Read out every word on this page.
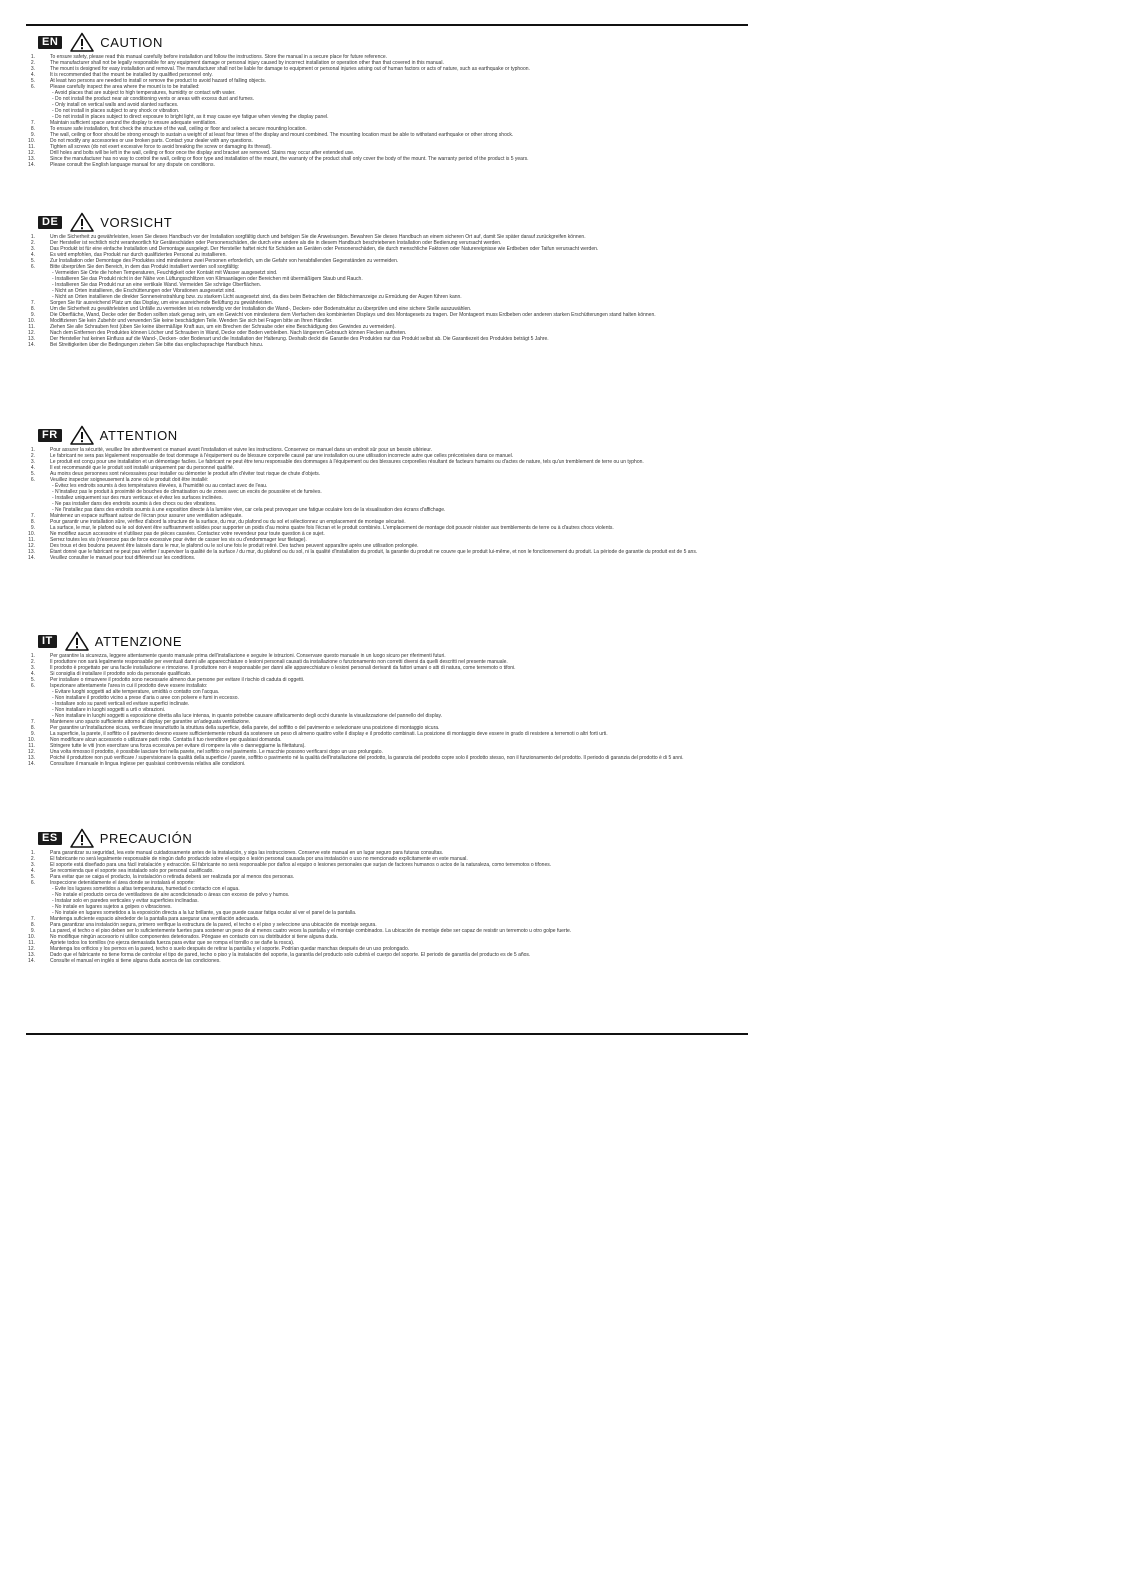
EN	CAUTION
1.	To ensure safety, please read this manual carefully before installation and follow the instructions. Store the manual in a secure place for future reference.
2.	The manufacturer shall not be legally responsible for any equipment damage or personal injury caused by incorrect installation or operation other than that covered in this manual.
3.	The mount is designed for easy installation and removal. The manufacturer shall not be liable for damage to equipment or personal injuries arising out of human factors or acts of nature, such as earthquake or typhoon.
4.	It is recommended that the mount be installed by qualified personnel only.
5.	At least two persons are needed to install or remove the product to avoid hazard of falling objects.
6.	Please carefully inspect the area where the mount is to be installed:
- Avoid places that are subject to high temperatures, humidity or contact with water.
- Do not install the product near air conditioning vents or areas with excess dust and fumes.
- Only install on vertical walls and avoid slanted surfaces.
- Do not install in places subject to any shock or vibration.
- Do not install in places subject to direct exposure to bright light, as it may cause eye fatigue when viewing the display panel.
7.	Maintain sufficient space around the display to ensure adequate ventilation.
8.	To ensure safe installation, first check the structure of the wall, ceiling or floor and select a secure mounting location.
9.	The wall, ceiling or floor should be strong enough to sustain a weight of at least four times of the display and mount combined. The mounting location must be able to withstand earthquake or other strong shock.
10.	Do not modify any accessories or use broken parts. Contact your dealer with any questions.
11.	Tighten all screws (do not exert excessive force to avoid breaking the screw or damaging its thread).
12.	Drill holes and bolts will be left in the wall, ceiling or floor once the display and bracket are removed. Stains may occur after extended use.
13.	Since the manufacturer has no way to control the wall, ceiling or floor type and installation of the mount, the warranty of the product shall only cover the body of the mount. The warranty period of the product is 5 years.
14.	Please consult the English language manual for any dispute on conditions.
DE	VORSICHT
1.	Um die Sicherheit zu gewährleisten, lesen Sie dieses Handbuch vor der Installation sorgfältig durch und befolgen Sie die Anweisungen. Bewahren Sie dieses Handbuch an einem sicheren Ort auf, damit Sie später darauf zurückgreifen können.
2.	Der Hersteller ist rechtlich nicht verantwortlich für Geräteschäden oder Personenschäden, die durch eine andere als die in diesem Handbuch beschriebenen Installation oder Bedienung verursacht werden.
3.	Das Produkt ist für eine einfache Installation und Demontage ausgelegt. Der Hersteller haftet nicht für Schäden an Geräten oder Personenschäden, die durch menschliche Faktoren oder Naturereignisse wie Erdbeben oder Taifun verursacht werden.
4.	Es wird empfohlen, das Produkt nur durch qualifiziertes Personal zu installieren.
5.	Zur Installation oder Demontage des Produktes sind mindestens zwei Personen erforderlich, um die Gefahr von herabfallenden Gegenständen zu vermeiden.
6.	Bitte überprüfen Sie den Bereich, in dem das Produkt installiert werden soll sorgfältig:
- Vermeiden Sie Orte die hohen Temperaturen, Feuchtigkeit oder Kontakt mit Wasser ausgesetzt sind.
- Installieren Sie das Produkt nicht in der Nähe von Lüftungsschlitzen von Klimaanlagen oder Bereichen mit übermäßigem Staub und Rauch.
- Installieren Sie das Produkt nur an eine vertikale Wand. Vermeiden Sie schräge Oberflächen.
- Nicht an Orten installieren, die Erschütterungen oder Vibrationen ausgesetzt sind.
- Nicht an Orten installieren die direkter Sonneneinstrahlung bzw. zu starkem Licht ausgesetzt sind, da dies beim Betrachten der Bildschirmanzeige zu Ermüdung der Augen führen kann.
7.	Sorgen Sie für ausreichend Platz um das Display, um eine ausreichende Belüftung zu gewährleisten.
8.	Um die Sicherheit zu gewährleisten und Unfälle zu vermeiden ist es notwendig vor der Installation die Wand-, Decken- oder Bodenstruktur zu überprüfen und eine sichere Stelle auszuwählen.
9.	Die Oberfläche, Wand, Decke oder der Boden sollten stark genug sein, um ein Gewicht von mindestens dem Vierfachen des kombinierten Displays und des Montagesets zu tragen. Der Montageort muss Erdbeben oder anderen starken Erschütterungen stand halten können.
10.	Modifizieren Sie kein Zubehör und verwenden Sie keine beschädigten Teile. Wenden Sie sich bei Fragen bitte an Ihren Händler.
11.	Ziehen Sie alle Schrauben fest (üben Sie keine übermäßige Kraft aus, um ein Brechen der Schraube oder eine Beschädigung des Gewindes zu vermeiden).
12.	Nach dem Entfernen des Produktes können Löcher und Schrauben in Wand, Decke oder Boden verbleiben. Nach längerem Gebrauch können Flecken auftreten.
13.	Der Hersteller hat keinen Einfluss auf die Wand-, Decken- oder Bodenart und die Installation der Halterung. Deshalb deckt die Garantie des Produktes nur das Produkt selbst ab. Die Garantiezeit des Produktes beträgt 5 Jahre.
14.	Bei Streitigkeiten über die Bedingungen ziehen Sie bitte das englischsprachige Handbuch hinzu.
FR	ATTENTION
1.	Pour assurer la sécurité, veuillez lire attentivement ce manuel avant l'installation et suivre les instructions. Conservez ce manuel dans un endroit sûr pour un besoin ultérieur.
2.	Le fabricant ne sera pas légalement responsable de tout dommage à l'équipement ou de blessure corporelle causé par une installation ou une utilisation incorrecte autre que celles préconisées dans ce manuel.
3.	Le produit est conçu pour une installation et un démontage faciles. Le fabricant ne peut être tenu responsable des dommages à l'équipement ou des blessures corporelles résultant de facteurs humains ou d'actes de nature, tels qu'un tremblement de terre ou un typhon.
4.	Il est recommandé que le produit soit installé uniquement par du personnel qualifié.
5.	Au moins deux personnes sont nécessaires pour installer ou démonter le produit afin d'éviter tout risque de chute d'objets.
6.	Veuillez inspecter soigneusement la zone où le produit doit être installé:
- Évitez les endroits soumis à des températures élevées, à l'humidité ou au contact avec de l'eau.
- N'installez pas le produit à proximité de bouches de climatisation ou de zones avec un excès de poussière et de fumées.
- Installez uniquement sur des murs verticaux et évitez les surfaces inclinées.
- Ne pas installer dans des endroits soumis à des chocs ou des vibrations.
- Ne l'installez pas dans des endroits soumis à une exposition directe à la lumière vive, car cela peut provoquer une fatigue oculaire lors de la visualisation des écrans d'affichage.
7.	Maintenez un espace suffisant autour de l'écran pour assurer une ventilation adéquate.
8.	Pour garantir une installation sûre, vérifiez d'abord la structure de la surface, du mur, du plafond ou du sol et sélectionnez un emplacement de montage sécurisé.
9.	La surface, le mur, le plafond ou le sol doivent être suffisamment solides pour supporter un poids d'au moins quatre fois l'écran et le produit combinés. L'emplacement de montage doit pouvoir résister aux tremblements de terre ou à d'autres chocs violents.
10.	Ne modifiez aucun accessoire et n'utilisez pas de pièces cassées. Contactez votre revendeur pour toute question à ce sujet.
11.	Serrez toutes les vis (n'exercez pas de force excessive pour éviter de casser les vis ou d'endommager leur filetage).
12.	Des trous et des boulons peuvent être laissés dans le mur, le plafond ou le sol une fois le produit retiré. Des taches peuvent apparaître après une utilisation prolongée.
13.	Étant donné que le fabricant ne peut pas vérifier / superviser la qualité de la surface / du mur, du plafond ou du sol, ni la qualité d'installation du produit, la garantie du produit ne couvre que le produit lui-même, et non le fonctionnement du produit. La période de garantie du produit est de 5 ans.
14.	Veuillez consulter le manuel pour tout différend sur les conditions.
IT	ATTENZIONE
1.	Per garantire la sicurezza, leggere attentamente questo manuale prima dell'installazione e seguire le istruzioni. Conservare questo manuale in un luogo sicuro per riferimenti futuri.
2.	Il produttore non sarà legalmente responsabile per eventuali danni alle apparecchiature o lesioni personali causati da installazione o funzionamento non corretti diversi da quelli descritti nel presente manuale.
3.	Il prodotto è progettato per una facile installazione e rimozione. Il produttore non è responsabile per danni alle apparecchiature o lesioni personali derivanti da fattori umani o atti di natura, come terremoto o tifoni.
4.	Si consiglia di installare il prodotto solo da personale qualificato.
5.	Per installare o rimuovere il prodotto sono necessarie almeno due persone per evitare il rischio di caduta di oggetti.
6.	Ispezionare attentamente l'area in cui il prodotto deve essere installato:
- Evitare luoghi soggetti ad alte temperature, umidità o contatto con l'acqua.
- Non installare il prodotto vicino a prese d'aria o aree con polvere e fumi in eccesso.
- Installare solo su pareti verticali ed evitare superfici inclinate.
- Non installare in luoghi soggetti a urti o vibrazioni.
- Non installare in luoghi soggetti a esposizione diretta alla luce intensa, in quanto potrebbe causare affaticamento degli occhi durante la visualizzazione del pannello del display.
7.	Mantenere uno spazio sufficiente attorno al display per garantire un'adeguata ventilazione.
8.	Per garantire un'installazione sicura, verificare innanzitutto la struttura della superficie, della parete, del soffitto o del pavimento e selezionare una posizione di montaggio sicura.
9.	La superficie, la parete, il soffitto o il pavimento devono essere sufficientemente robusti da sostenere un peso di almeno quattro volte il display e il prodotto combinati. La posizione di montaggio deve essere in grado di resistere a terremoti o altri forti urti.
10.	Non modificare alcun accessorio o utilizzare parti rotte. Contatta il tuo rivenditore per qualsiasi domanda.
11.	Stringere tutte le viti (non esercitare una forza eccessiva per evitare di rompere la vite o danneggiarne la filettatura).
12.	Una volta rimosso il prodotto, è possibile lasciare fori nella parete, nel soffitto o nel pavimento. Le macchie possono verificarsi dopo un uso prolungato.
13.	Poiché il produttore non può verificare / supervisionare la qualità della superficie / parete, soffitto o pavimento né la qualità dell'installazione del prodotto, la garanzia del prodotto copre solo il prodotto stesso, non il funzionamento del prodotto. Il periodo di garanzia del prodotto è di 5 anni.
14.	Consultare il manuale in lingua inglese per qualsiasi controversia relativa alle condizioni.
ES	PRECAUCIÓN
1.	Para garantizar su seguridad, lea este manual cuidadosamente antes de la instalación, y siga las instrucciones. Conserve este manual en un lugar seguro para futuras consultas.
2.	El fabricante no será legalmente responsable de ningún daño producido sobre el equipo o lesión personal causada por una instalación o uso no mencionado explícitamente en este manual.
3.	El soporte está diseñado para una fácil instalación y extracción. El fabricante no será responsable por daños al equipo o lesiones personales que surjan de factores humanos o actos de la naturaleza, como terremotos o tifones.
4.	Se recomienda que el soporte sea instalado solo por personal cualificado.
5.	Para evitar que se caiga el producto, la instalación o retirada deberá ser realizada por al menos dos personas.
6.	Inspeccione detenidamente el área donde se instalará el soporte:
- Evite los lugares sometidos a altas temperaturas, humedad o contacto con el agua.
- No instale el producto cerca de ventiladores de aire acondicionado o áreas con exceso de polvo y humos.
- Instalar solo en paredes verticales y evitar superficies inclinadas.
- No instale en lugares sujetos a golpes o vibraciones.
- No instale en lugares sometidos a la exposición directa a la luz brillante, ya que puede causar fatiga ocular al ver el panel de la pantalla.
7.	Mantenga suficiente espacio alrededor de la pantalla para asegurar una ventilación adecuada.
8.	Para garantizar una instalación segura, primero verifique la estructura de la pared, el techo o el piso y seleccione una ubicación de montaje segura.
9.	La pared, el techo o el piso deben ser lo suficientemente fuertes para sostener un peso de al menos cuatro veces la pantalla y el montaje combinados. La ubicación de montaje debe ser capaz de resistir un terremoto u otro golpe fuerte.
10.	No modifique ningún accesorio ni utilice componentes deteriorados. Póngase en contacto con su distribuidor si tiene alguna duda.
11.	Apriete todos los tornillos (no ejerza demasiada fuerza para evitar que se rompa el tornillo o se dañe la rosca).
12.	Mantenga los orificios y los pernos en la pared, techo o suelo después de retirar la pantalla y el soporte. Podrían quedar manchas después de un uso prolongado.
13.	Dado que el fabricante no tiene forma de controlar el tipo de pared, techo o piso y la instalación del soporte, la garantía del producto solo cubrirá el cuerpo del soporte. El periodo de garantía del producto es de 5 años.
14.	Consulte el manual en inglés si tiene alguna duda acerca de las condiciones.
